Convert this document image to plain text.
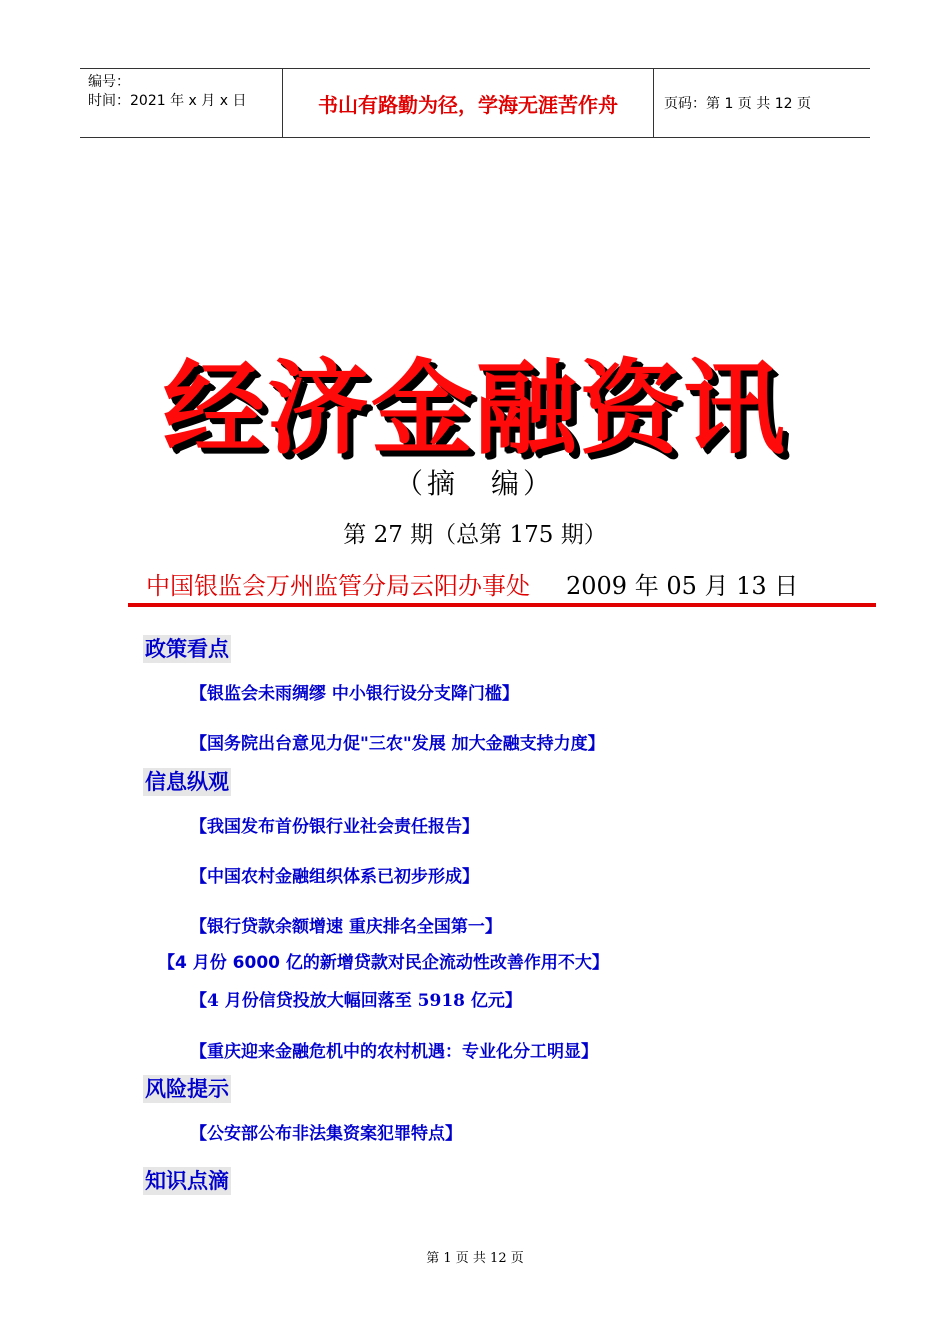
编号：
时间：2021 年 x 月 x 日	书山有路勤为径，学海无涯苦作舟	页码：第 1 页 共 12 页
经济金融资讯
（摘　编）
第 27 期（总第 175 期）
中国银监会万州监管分局云阳办事处 2009 年 05 月 13 日
政策看点
【银监会未雨绸缪 中小银行设分支降门槛】
【国务院出台意见力促"三农"发展 加大金融支持力度】
信息纵观
【我国发布首份银行业社会责任报告】
【中国农村金融组织体系已初步形成】
【银行贷款余额增速 重庆排名全国第一】
【4 月份 6000 亿的新增贷款对民企流动性改善作用不大】
【4 月份信贷投放大幅回落至 5918 亿元】
【重庆迎来金融危机中的农村机遇：专业化分工明显】
风险提示
【公安部公布非法集资案犯罪特点】
知识点滴
第 1 页 共 12 页
